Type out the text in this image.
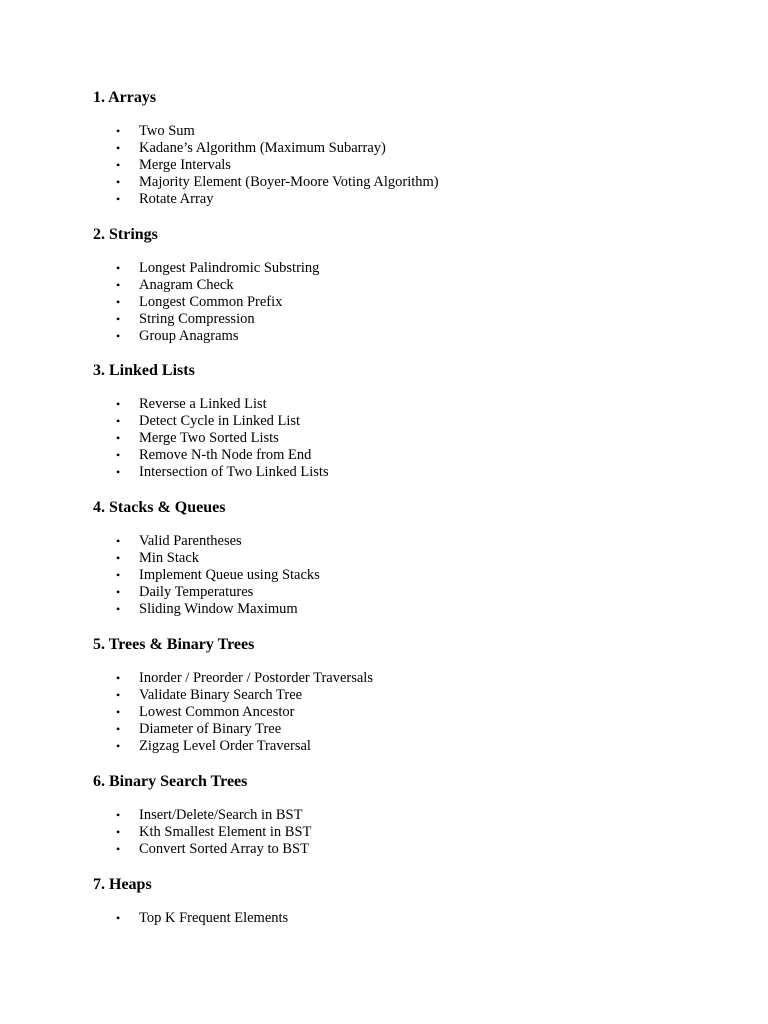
1. Arrays
•	Two Sum
•	Kadane’s Algorithm (Maximum Subarray)
•	Merge Intervals
•	Majority Element (Boyer-Moore Voting Algorithm)
•	Rotate Array
2. Strings
•	Longest Palindromic Substring
•	Anagram Check
•	Longest Common Prefix
•	String Compression
•	Group Anagrams
3. Linked Lists
•	Reverse a Linked List
•	Detect Cycle in Linked List
•	Merge Two Sorted Lists
•	Remove N-th Node from End
•	Intersection of Two Linked Lists
4. Stacks & Queues
•	Valid Parentheses
•	Min Stack
•	Implement Queue using Stacks
•	Daily Temperatures
•	Sliding Window Maximum
5. Trees & Binary Trees
•	Inorder / Preorder / Postorder Traversals
•	Validate Binary Search Tree
•	Lowest Common Ancestor
•	Diameter of Binary Tree
•	Zigzag Level Order Traversal
6. Binary Search Trees
•	Insert/Delete/Search in BST
•	Kth Smallest Element in BST
•	Convert Sorted Array to BST
7. Heaps
•	Top K Frequent Elements
